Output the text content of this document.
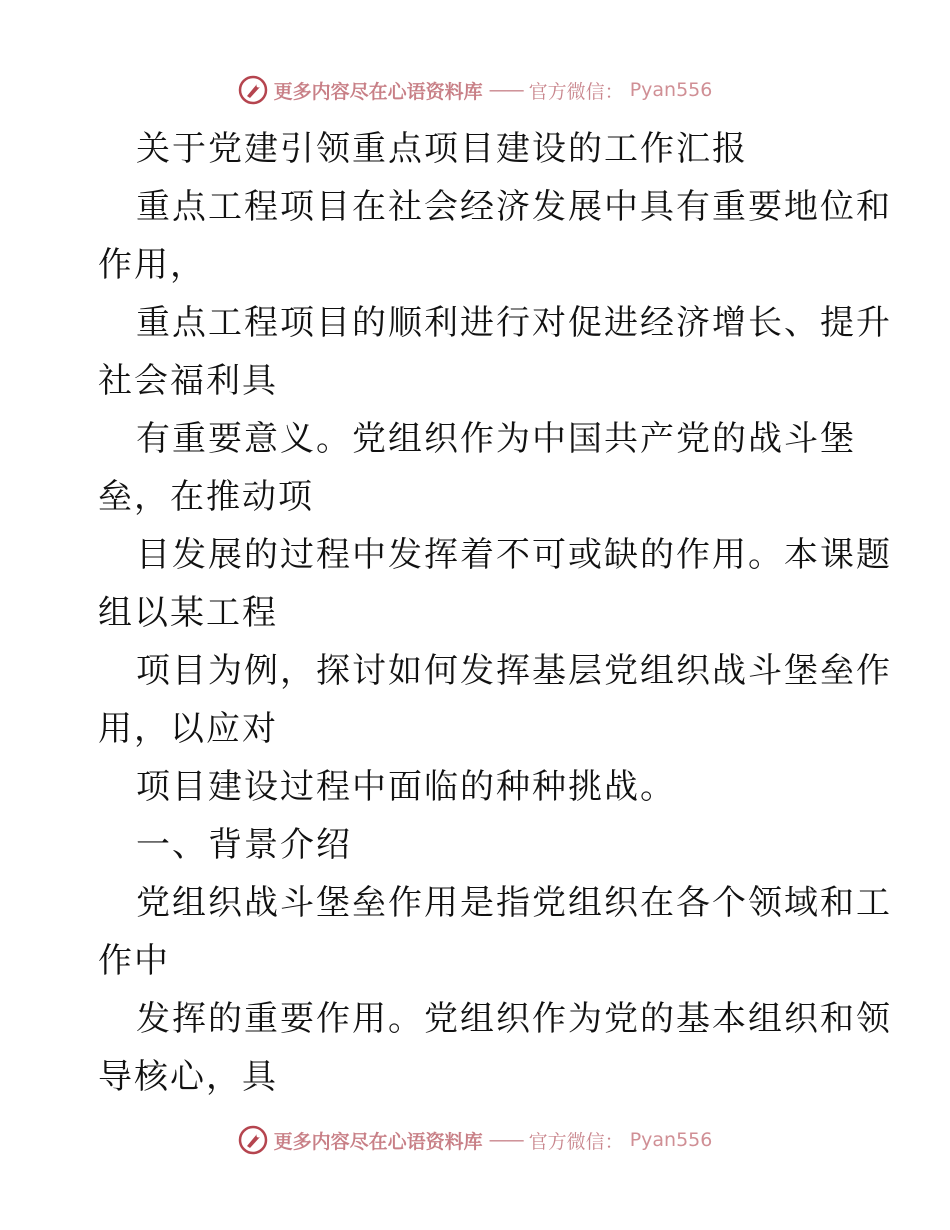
更多内容尽在心语资料库 —— 官方微信： Pyan556
关于党建引领重点项目建设的工作汇报
重点工程项目在社会经济发展中具有重要地位和
作用，
重点工程项目的顺利进行对促进经济增长、提升
社会福利具
有重要意义。党组织作为中国共产党的战斗堡
垒，在推动项
目发展的过程中发挥着不可或缺的作用。本课题
组以某工程
项目为例，探讨如何发挥基层党组织战斗堡垒作
用，以应对
项目建设过程中面临的种种挑战。
一、背景介绍
党组织战斗堡垒作用是指党组织在各个领域和工
作中
发挥的重要作用。党组织作为党的基本组织和领
导核心，具
更多内容尽在心语资料库 —— 官方微信： Pyan556
